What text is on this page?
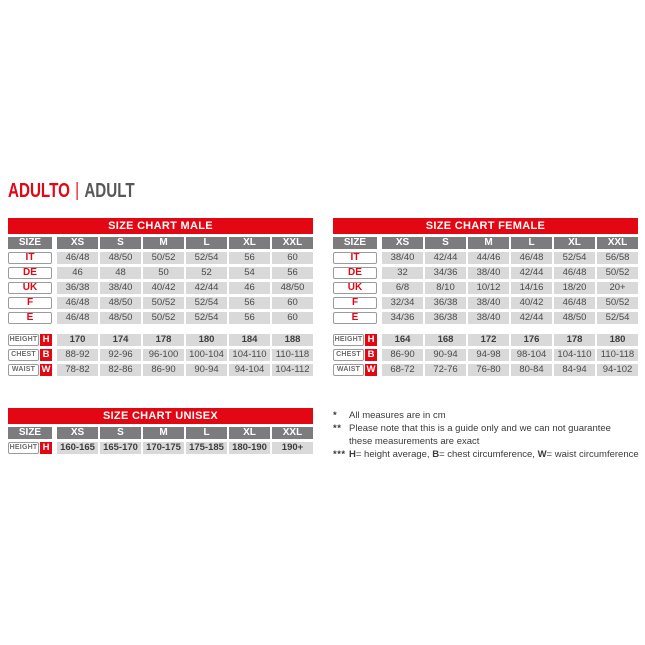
ADULTO | ADULT
SIZE CHART MALE
SIZE	XS	S	M	L	XL	XXL
IT	46/48	48/50	50/52	52/54	56	60
DE	46	48	50	52	54	56
UK	36/38	38/40	40/42	42/44	46	48/50
F	46/48	48/50	50/52	52/54	56	60
E	46/48	48/50	50/52	52/54	56	60
HEIGHT H	170	174	178	180	184	188
CHEST B	88-92	92-96	96-100	100-104 104-110 110-118
WAIST W	78-82	82-86	86-90	90-94	94-104	104-112
SIZE CHART FEMALE
SIZE	XS	S	M	L	XL	XXL
IT	38/40	42/44	44/46	46/48	52/54	56/58
DE	32	34/36	38/40	42/44	46/48	50/52
UK	6/8	8/10	10/12	14/16	18/20	20+
F	32/34	36/38	38/40	40/42	46/48	50/52
E	34/36	36/38	38/40	42/44	48/50	52/54
HEIGHT H	164	168	172	176	178	180
CHEST B	86-90	90-94	94-98	98-104	104-110 110-118
WAIST W	68-72	72-76	76-80	80-84	84-94	94-102
SIZE CHART UNISEX
SIZE	XS	S	M	L	XL	XXL
HEIGHT H	160-165 165-170 170-175 175-185 180-190	190+
*	All measures are in cm
** Please note that this is a guide only and we can not guarantee
these measurements are exact
*** H= height average, B= chest circumference, W= waist circumference
